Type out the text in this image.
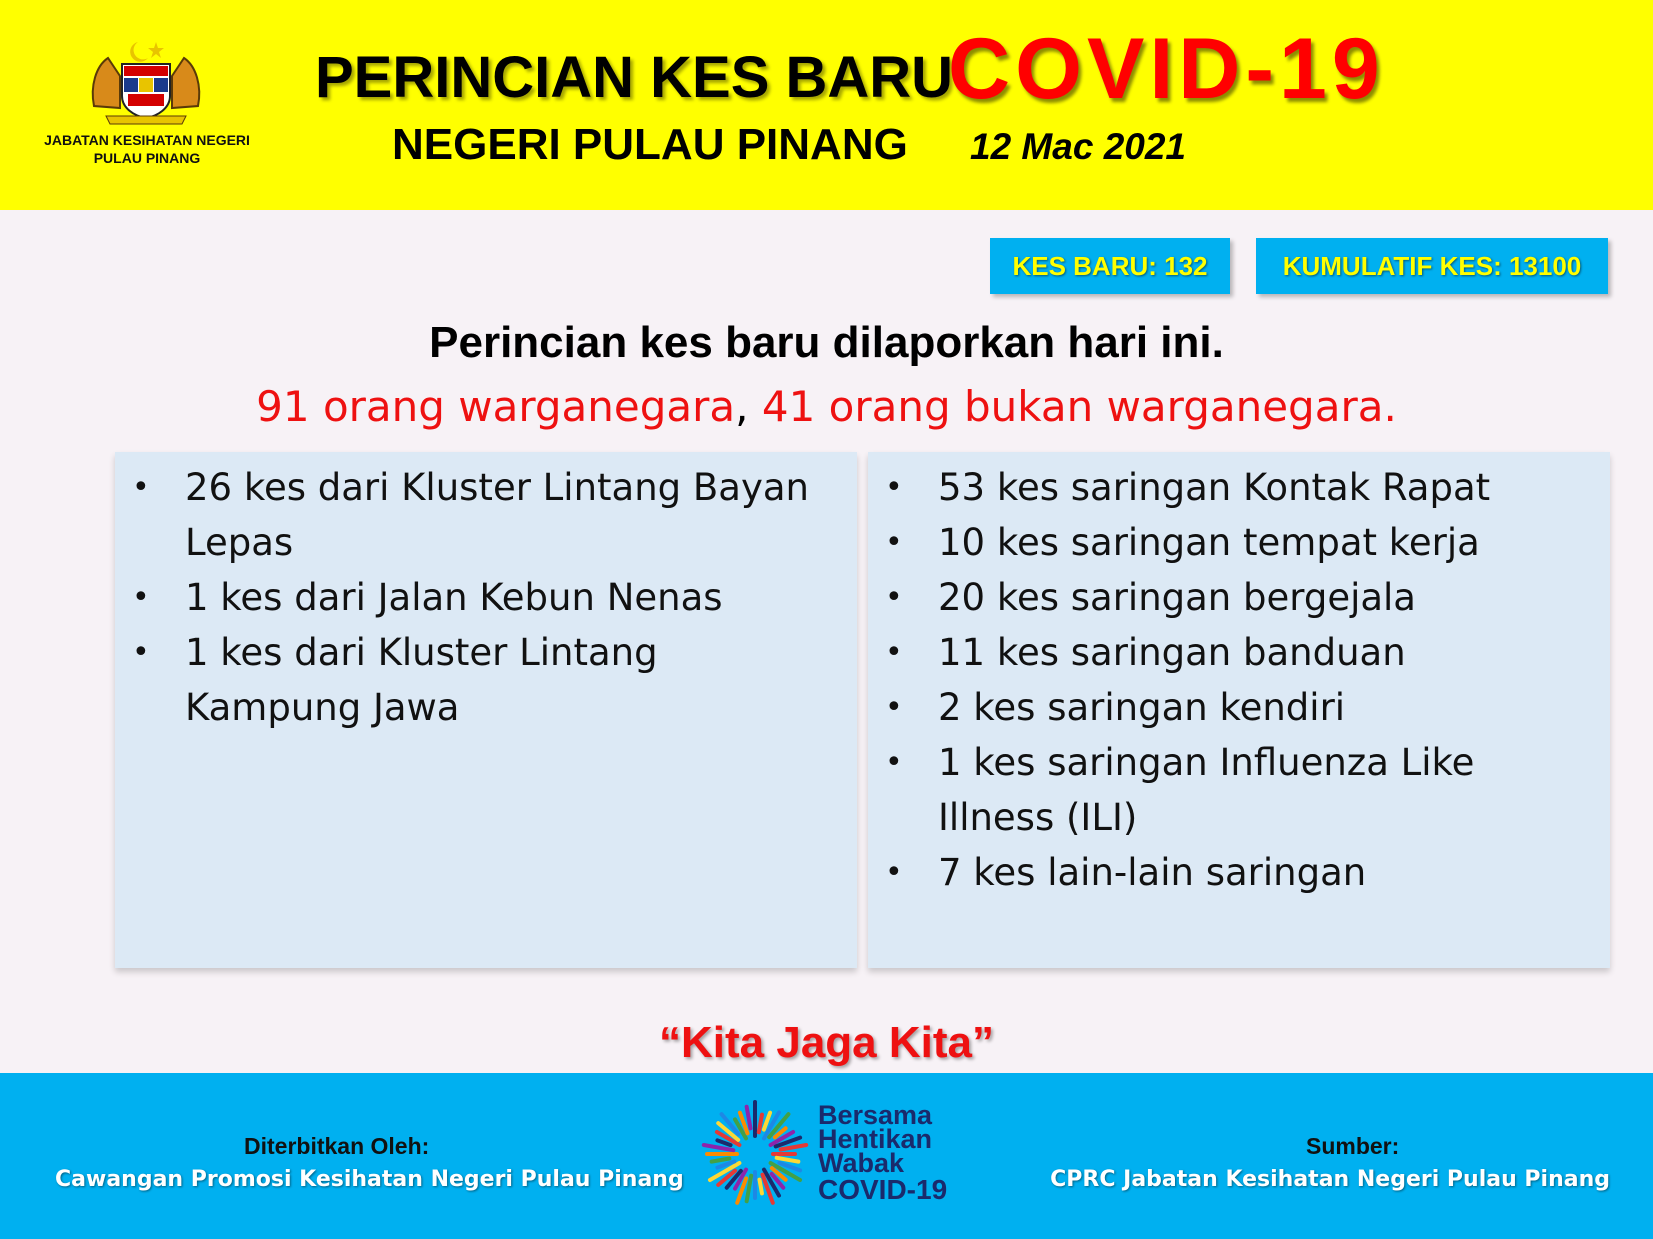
JABATAN KESIHATAN NEGERI PULAU PINANG
PERINCIAN KES BARU
COVID-19
NEGERI PULAU PINANG 12 Mac 2021
KES BARU: 132	KUMULATIF KES: 13100
Perincian kes baru dilaporkan hari ini.
91 orang warganegara, 41 orang bukan warganegara.
• 26 kes dari Kluster Lintang Bayan Lepas
• 1 kes dari Jalan Kebun Nenas
• 1 kes dari Kluster Lintang Kampung Jawa
• 53 kes saringan Kontak Rapat
• 10 kes saringan tempat kerja
• 20 kes saringan bergejala
• 11 kes saringan banduan
• 2 kes saringan kendiri
• 1 kes saringan Influenza Like Illness (ILI)
• 7 kes lain-lain saringan
“Kita Jaga Kita”
Diterbitkan Oleh:
Cawangan Promosi Kesihatan Negeri Pulau Pinang
Bersama
Hentikan
Wabak
COVID-19
Sumber:
CPRC Jabatan Kesihatan Negeri Pulau Pinang
